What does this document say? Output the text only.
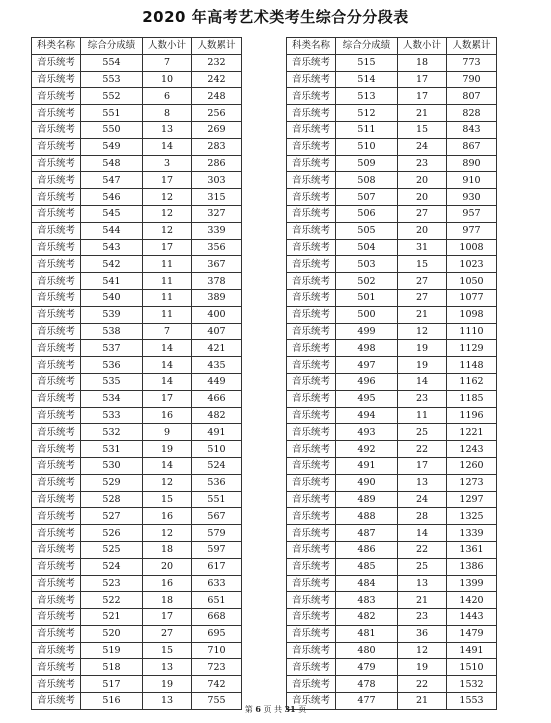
2020 年高考艺术类考生综合分分段表
科类名称	综合分成绩	人数小计	人数累计
音乐统考	554	7	232
音乐统考	553	10	242
音乐统考	552	6	248
音乐统考	551	8	256
音乐统考	550	13	269
音乐统考	549	14	283
音乐统考	548	3	286
音乐统考	547	17	303
音乐统考	546	12	315
音乐统考	545	12	327
音乐统考	544	12	339
音乐统考	543	17	356
音乐统考	542	11	367
音乐统考	541	11	378
音乐统考	540	11	389
音乐统考	539	11	400
音乐统考	538	7	407
音乐统考	537	14	421
音乐统考	536	14	435
音乐统考	535	14	449
音乐统考	534	17	466
音乐统考	533	16	482
音乐统考	532	9	491
音乐统考	531	19	510
音乐统考	530	14	524
音乐统考	529	12	536
音乐统考	528	15	551
音乐统考	527	16	567
音乐统考	526	12	579
音乐统考	525	18	597
音乐统考	524	20	617
音乐统考	523	16	633
音乐统考	522	18	651
音乐统考	521	17	668
音乐统考	520	27	695
音乐统考	519	15	710
音乐统考	518	13	723
音乐统考	517	19	742
音乐统考	516	13	755
科类名称	综合分成绩	人数小计	人数累计
音乐统考	515	18	773
音乐统考	514	17	790
音乐统考	513	17	807
音乐统考	512	21	828
音乐统考	511	15	843
音乐统考	510	24	867
音乐统考	509	23	890
音乐统考	508	20	910
音乐统考	507	20	930
音乐统考	506	27	957
音乐统考	505	20	977
音乐统考	504	31	1008
音乐统考	503	15	1023
音乐统考	502	27	1050
音乐统考	501	27	1077
音乐统考	500	21	1098
音乐统考	499	12	1110
音乐统考	498	19	1129
音乐统考	497	19	1148
音乐统考	496	14	1162
音乐统考	495	23	1185
音乐统考	494	11	1196
音乐统考	493	25	1221
音乐统考	492	22	1243
音乐统考	491	17	1260
音乐统考	490	13	1273
音乐统考	489	24	1297
音乐统考	488	28	1325
音乐统考	487	14	1339
音乐统考	486	22	1361
音乐统考	485	25	1386
音乐统考	484	13	1399
音乐统考	483	21	1420
音乐统考	482	23	1443
音乐统考	481	36	1479
音乐统考	480	12	1491
音乐统考	479	19	1510
音乐统考	478	22	1532
音乐统考	477	21	1553
第 6 页 共 31 页
